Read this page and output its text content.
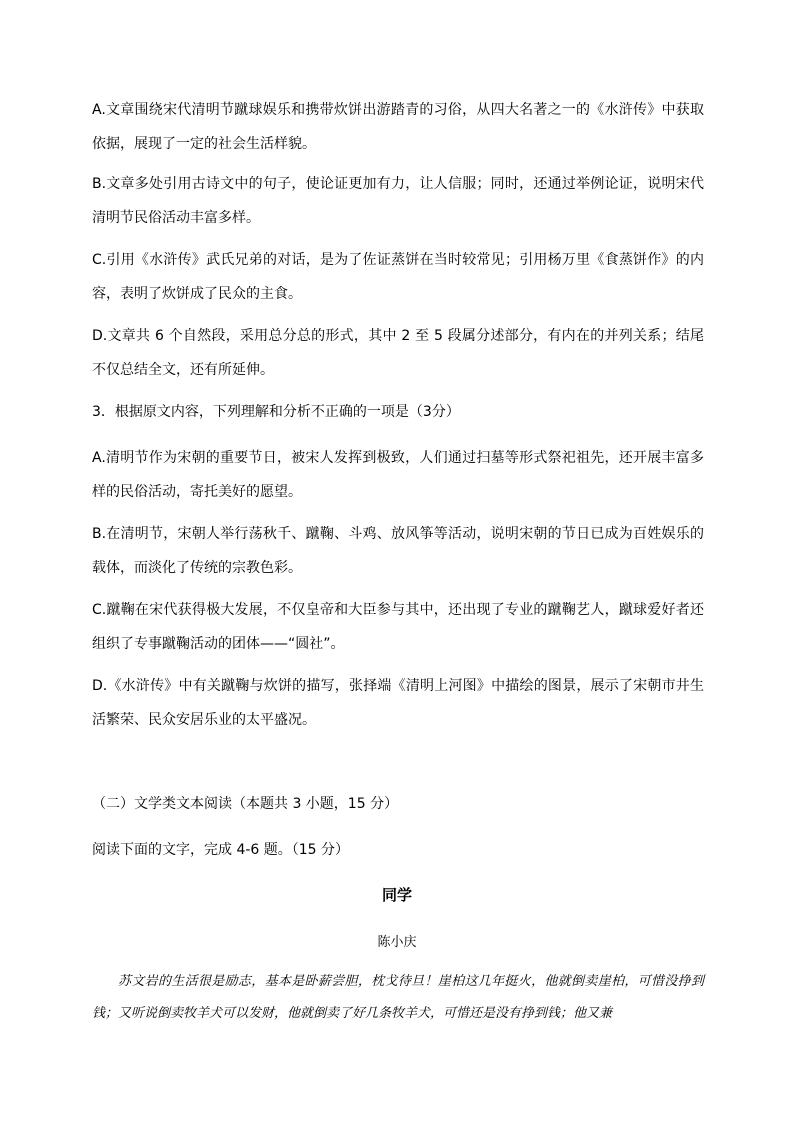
A.文章围绕宋代清明节蹴球娱乐和携带炊饼出游踏青的习俗，从四大名著之一的《水浒传》中获取依据，展现了一定的社会生活样貌。

B.文章多处引用古诗文中的句子，使论证更加有力，让人信服；同时，还通过举例论证，说明宋代清明节民俗活动丰富多样。

C.引用《水浒传》武氏兄弟的对话，是为了佐证蒸饼在当时较常见；引用杨万里《食蒸饼作》的内容，表明了炊饼成了民众的主食。

D.文章共 6 个自然段，采用总分总的形式，其中 2 至 5 段属分述部分，有内在的并列关系；结尾不仅总结全文，还有所延伸。

3．根据原文内容，下列理解和分析不正确的一项是（3分）

A.清明节作为宋朝的重要节日，被宋人发挥到极致，人们通过扫墓等形式祭祀祖先，还开展丰富多样的民俗活动，寄托美好的愿望。

B.在清明节，宋朝人举行荡秋千、蹴鞠、斗鸡、放风筝等活动，说明宋朝的节日已成为百姓娱乐的载体，而淡化了传统的宗教色彩。

C.蹴鞠在宋代获得极大发展，不仅皇帝和大臣参与其中，还出现了专业的蹴鞠艺人，蹴球爱好者还组织了专事蹴鞠活动的团体——“圆社”。

D.《水浒传》中有关蹴鞠与炊饼的描写，张择端《清明上河图》中描绘的图景，展示了宋朝市井生活繁荣、民众安居乐业的太平盛况。

（二）文学类文本阅读（本题共 3 小题，15 分）

阅读下面的文字，完成 4-6 题。（15 分）

同学

陈小庆

苏文岩的生活很是励志，基本是卧薪尝胆，枕戈待旦！崖柏这几年挺火，他就倒卖崖柏，可惜没挣到钱；又听说倒卖牧羊犬可以发财，他就倒卖了好几条牧羊犬，可惜还是没有挣到钱；他又兼
